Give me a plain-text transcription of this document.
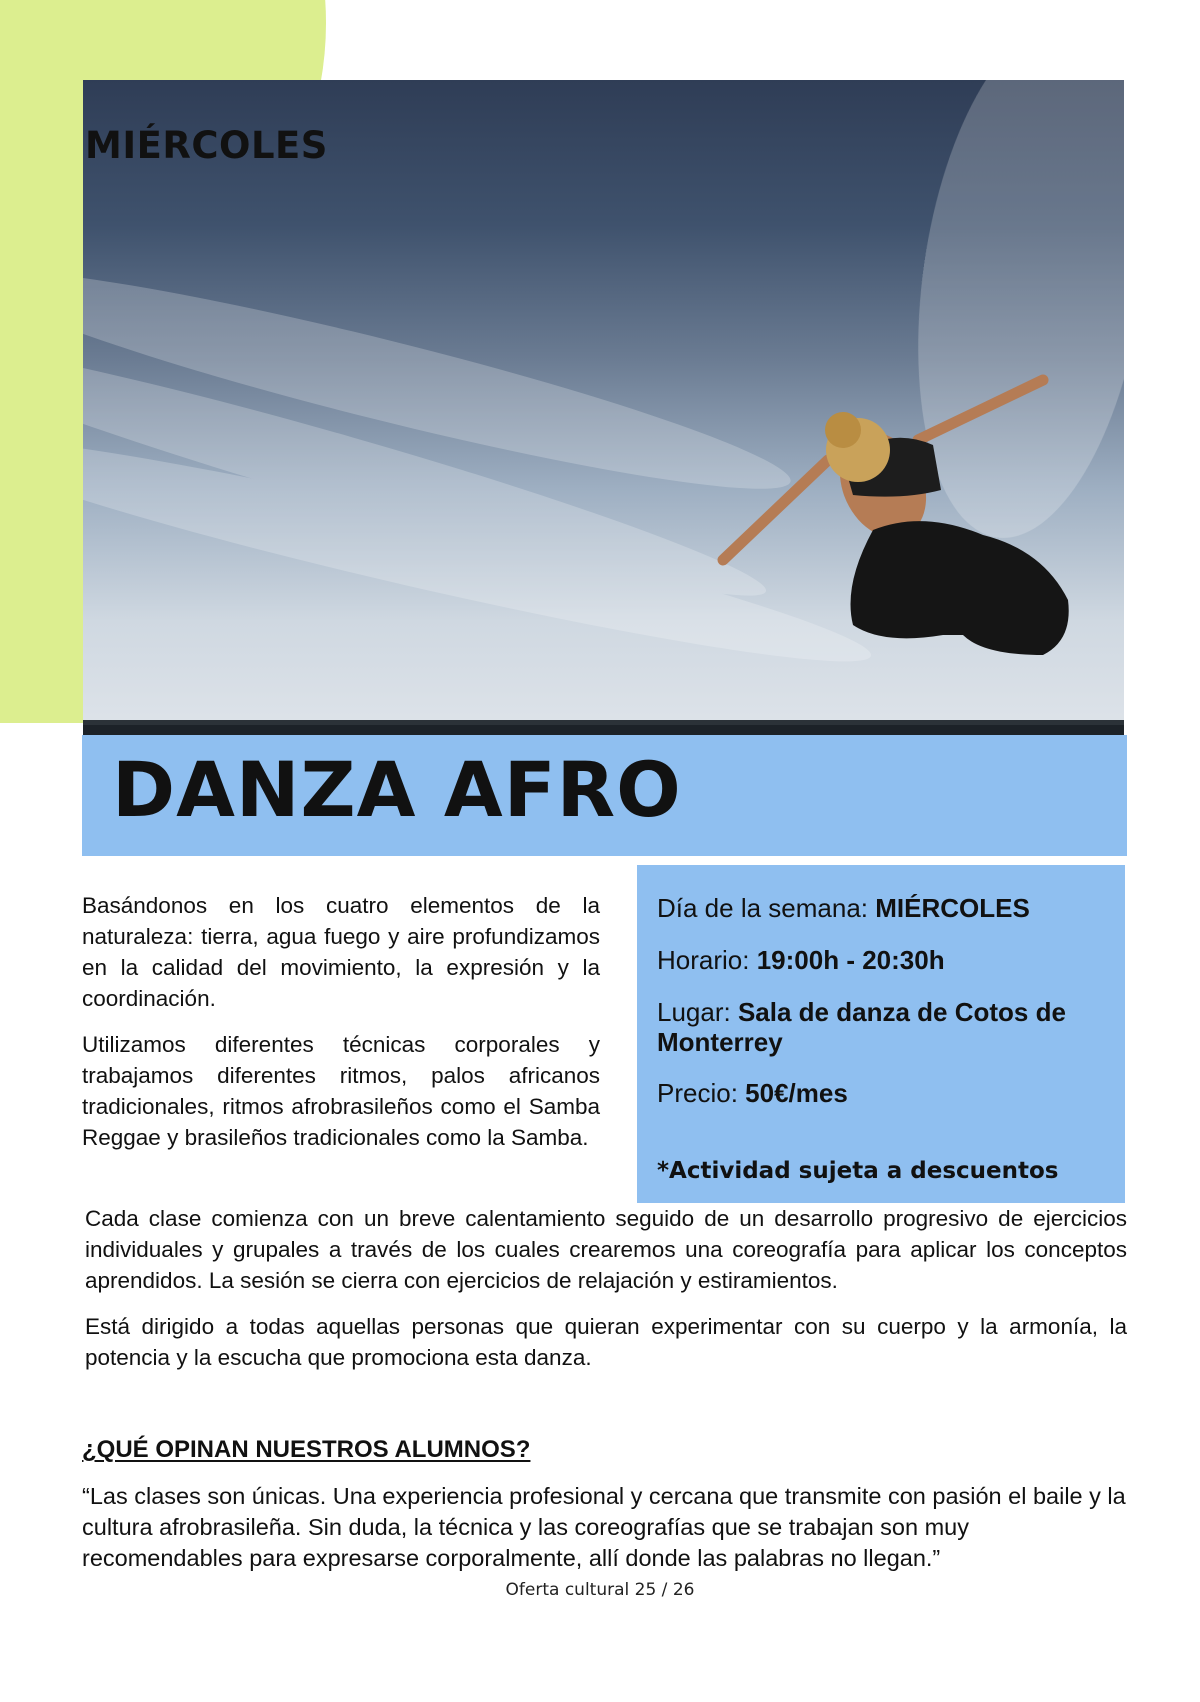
MIÉRCOLES
DANZA AFRO

Basándonos en los cuatro elementos de la naturaleza: tierra, agua fuego y aire profundizamos en la calidad del movimiento, la expresión y la coordinación.

Utilizamos diferentes técnicas corporales y trabajamos diferentes ritmos, palos africanos tradicionales, ritmos afrobrasileños como el Samba Reggae y brasileños tradicionales como la Samba.

Día de la semana: MIÉRCOLES
Horario: 19:00h - 20:30h
Lugar: Sala de danza de Cotos de Monterrey
Precio: 50€/mes
*Actividad sujeta a descuentos

Cada clase comienza con un breve calentamiento seguido de un desarrollo progresivo de ejercicios individuales y grupales a través de los cuales crearemos una coreografía para aplicar los conceptos aprendidos. La sesión se cierra con ejercicios de relajación y estiramientos.

Está dirigido a todas aquellas personas que quieran experimentar con su cuerpo y la armonía, la potencia y la escucha que promociona esta danza.

¿QUÉ OPINAN NUESTROS ALUMNOS?

“Las clases son únicas. Una experiencia profesional y cercana que transmite con pasión el baile y la cultura afrobrasileña. Sin duda, la técnica y las coreografías que se trabajan son muy recomendables para expresarse corporalmente, allí donde las palabras no llegan.”

Oferta cultural 25 / 26
